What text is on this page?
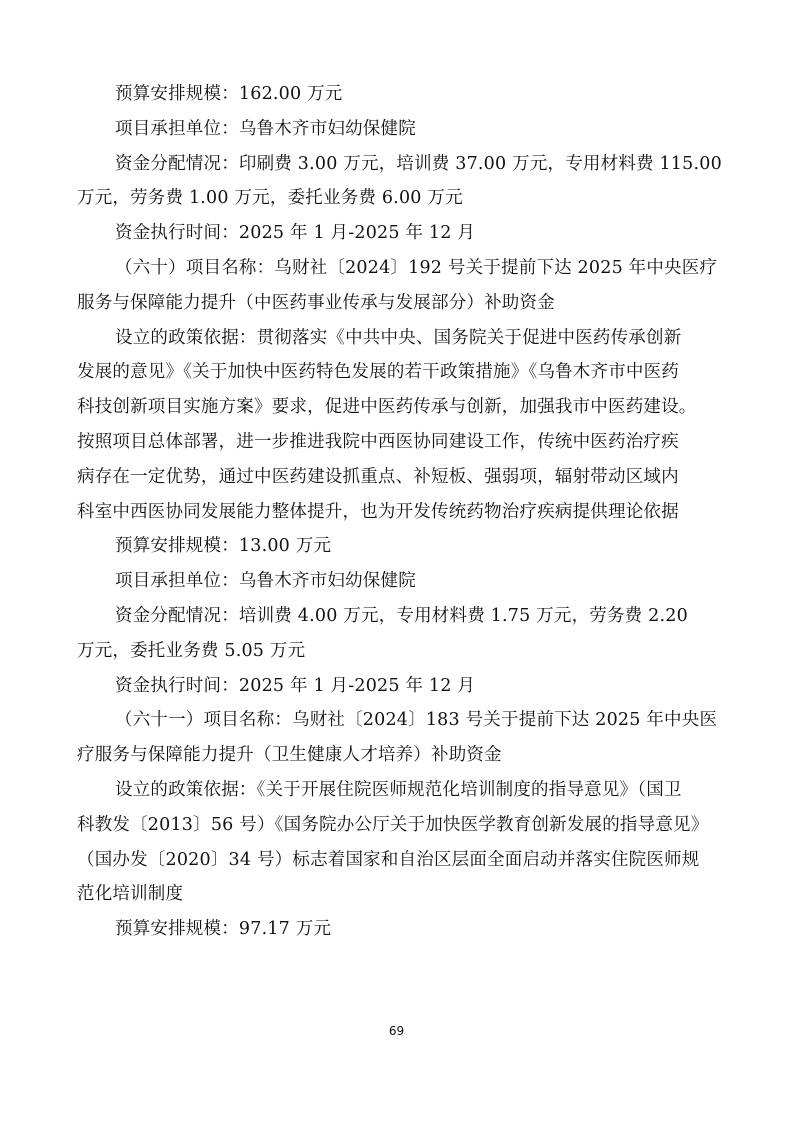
预算安排规模：162.00 万元
项目承担单位：乌鲁木齐市妇幼保健院
资金分配情况：印刷费 3.00 万元，培训费 37.00 万元，专用材料费 115.00
万元，劳务费 1.00 万元，委托业务费 6.00 万元
资金执行时间：2025 年 1 月-2025 年 12 月
（六十）项目名称：乌财社〔2024〕192 号关于提前下达 2025 年中央医疗
服务与保障能力提升（中医药事业传承与发展部分）补助资金
设立的政策依据：贯彻落实《中共中央、国务院关于促进中医药传承创新
发展的意见》《关于加快中医药特色发展的若干政策措施》《乌鲁木齐市中医药
科技创新项目实施方案》要求，促进中医药传承与创新，加强我市中医药建设。
按照项目总体部署，进一步推进我院中西医协同建设工作，传统中医药治疗疾
病存在一定优势，通过中医药建设抓重点、补短板、强弱项，辐射带动区域内
科室中西医协同发展能力整体提升，也为开发传统药物治疗疾病提供理论依据
预算安排规模：13.00 万元
项目承担单位：乌鲁木齐市妇幼保健院
资金分配情况：培训费 4.00 万元，专用材料费 1.75 万元，劳务费 2.20
万元，委托业务费 5.05 万元
资金执行时间：2025 年 1 月-2025 年 12 月
（六十一）项目名称：乌财社〔2024〕183 号关于提前下达 2025 年中央医
疗服务与保障能力提升（卫生健康人才培养）补助资金
设立的政策依据：《关于开展住院医师规范化培训制度的指导意见》（国卫
科教发〔2013〕56 号）《国务院办公厅关于加快医学教育创新发展的指导意见》
（国办发〔2020〕34 号）标志着国家和自治区层面全面启动并落实住院医师规
范化培训制度
预算安排规模：97.17 万元
69
